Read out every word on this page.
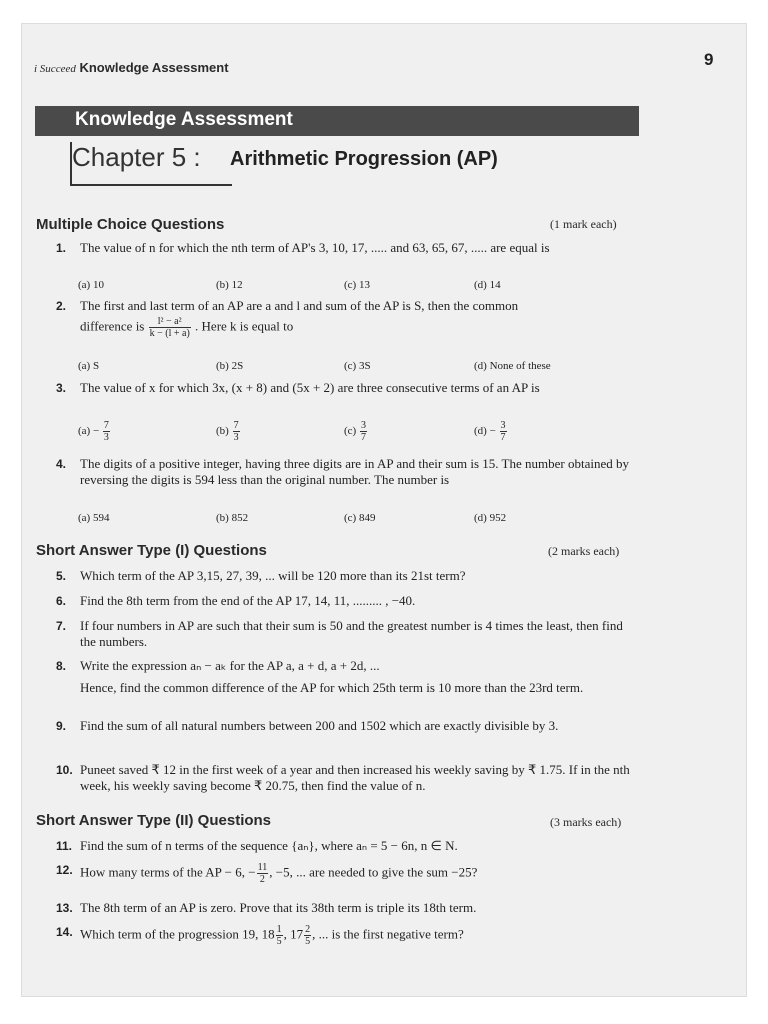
i Succeed Knowledge Assessment	9
Knowledge Assessment
Chapter 5 : Arithmetic Progression (AP)
Multiple Choice Questions	(1 mark each)
1. The value of n for which the nth term of AP's 3, 10, 17, ..... and 63, 65, 67, ..... are equal is
(a) 10	(b) 12	(c) 13	(d) 14
2. The first and last term of an AP are a and l and sum of the AP is S, then the common
difference is $\frac{\text{l² − a²}}{k - (l + a)}$ . Here k is equal to
(a) S	(b) 2S	(c) 3S	(d) None of these
3. The value of x for which 3x, (x + 8) and (5x + 2) are three consecutive terms of an AP is
$(a) - \frac{7}{3}$	$(b) \frac{7}{3}$	$(c) \frac{3}{7}$	$(d) - \frac{3}{7}$
4. The digits of a positive integer, having three digits are in AP and their sum is 15. The number obtained by reversing the digits is 594 less than the original number. The number is
(a) 594	(b) 852	(c) 849	(d) 952
Short Answer Type (I) Questions	(2 marks each)
5. Which term of the AP 3,15, 27, 39, ... will be 120 more than its 21st term?
6. Find the 8th term from the end of the AP 17, 14, 11, ......... , −40.
7. If four numbers in AP are such that their sum is 50 and the greatest number is 4 times the least, then find the numbers.
8. Write the expression aₙ − aₖ for the AP a, a + d, a + 2d, ...
Hence, find the common difference of the AP for which 25th term is 10 more than the 23rd term.
9. Find the sum of all natural numbers between 200 and 1502 which are exactly divisible by 3.
10. Puneet saved ₹ 12 in the first week of a year and then increased his weekly saving by ₹ 1.75. If in the nth week, his weekly saving become ₹ 20.75, then find the value of n.
Short Answer Type (II) Questions	(3 marks each)
11. Find the sum of n terms of the sequence {aₙ}, where aₙ = 5 − 6n, n ∈ N.
12. How many terms of the AP − 6, − $\frac{11}{2}$ , −5, ... are needed to give the sum −25?
13. The 8th term of an AP is zero. Prove that its 38th term is triple its 18th term.
14. Which term of the progression 19, $18 \frac{1}{5}$ , $17 \frac{2}{5}$ , ... is the first negative term?
